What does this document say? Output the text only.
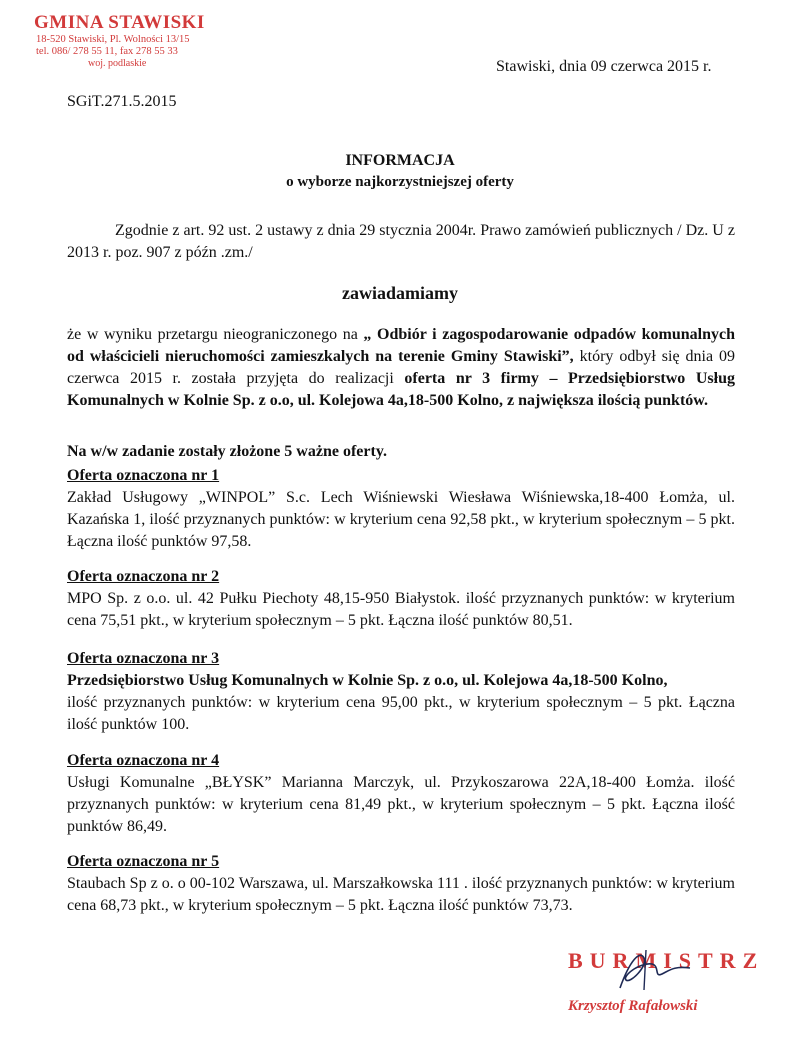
GMINA STAWISKI
18-520 Stawiski, Pl. Wolności 13/15
tel. 086/ 278 55 11, fax 278 55 33
woj. podlaskie
SGiT.271.5.2015
Stawiski, dnia 09 czerwca 2015 r.
INFORMACJA
o wyborze najkorzystniejszej oferty
Zgodnie z art. 92 ust. 2 ustawy z dnia 29 stycznia 2004r. Prawo zamówień publicznych / Dz. U z 2013 r. poz. 907 z późn .zm./
zawiadamiamy
że w wyniku przetargu nieograniczonego na „ Odbiór i zagospodarowanie odpadów komunalnych od właścicieli nieruchomości zamieszkalych na terenie Gminy Stawiski”, który odbył się dnia 09 czerwca 2015 r. została przyjęta do realizacji oferta nr 3 firmy – Przedsiębiorstwo Usług Komunalnych w Kolnie Sp. z o.o, ul. Kolejowa 4a,18-500 Kolno, z największa ilością punktów.
Na w/w zadanie zostały złożone 5 ważne oferty.
Oferta oznaczona nr 1
Zakład Usługowy „WINPOL” S.c. Lech Wiśniewski Wiesława Wiśniewska,18-400 Łomża, ul. Kazańska 1, ilość przyznanych punktów: w kryterium cena 92,58 pkt., w kryterium społecznym – 5 pkt. Łączna ilość punktów 97,58.
Oferta oznaczona nr 2
MPO Sp. z o.o. ul. 42 Pułku Piechoty 48,15-950 Białystok. ilość przyznanych punktów: w kryterium cena 75,51 pkt., w kryterium społecznym – 5 pkt. Łączna ilość punktów 80,51.
Oferta oznaczona nr 3
Przedsiębiorstwo Usług Komunalnych w Kolnie Sp. z o.o, ul. Kolejowa 4a,18-500 Kolno,
ilość przyznanych punktów: w kryterium cena 95,00 pkt., w kryterium społecznym – 5 pkt. Łączna ilość punktów 100.
Oferta oznaczona nr 4
Usługi Komunalne „BŁYSK” Marianna Marczyk, ul. Przykoszarowa 22A,18-400 Łomża. ilość przyznanych punktów: w kryterium cena 81,49 pkt., w kryterium społecznym – 5 pkt. Łączna ilość punktów 86,49.
Oferta oznaczona nr 5
Staubach Sp z o. o 00-102 Warszawa, ul. Marszałkowska 111 . ilość przyznanych punktów: w kryterium cena 68,73 pkt., w kryterium społecznym – 5 pkt. Łączna ilość punktów 73,73.
BURMISTRZ
Krzysztof Rafałowski
